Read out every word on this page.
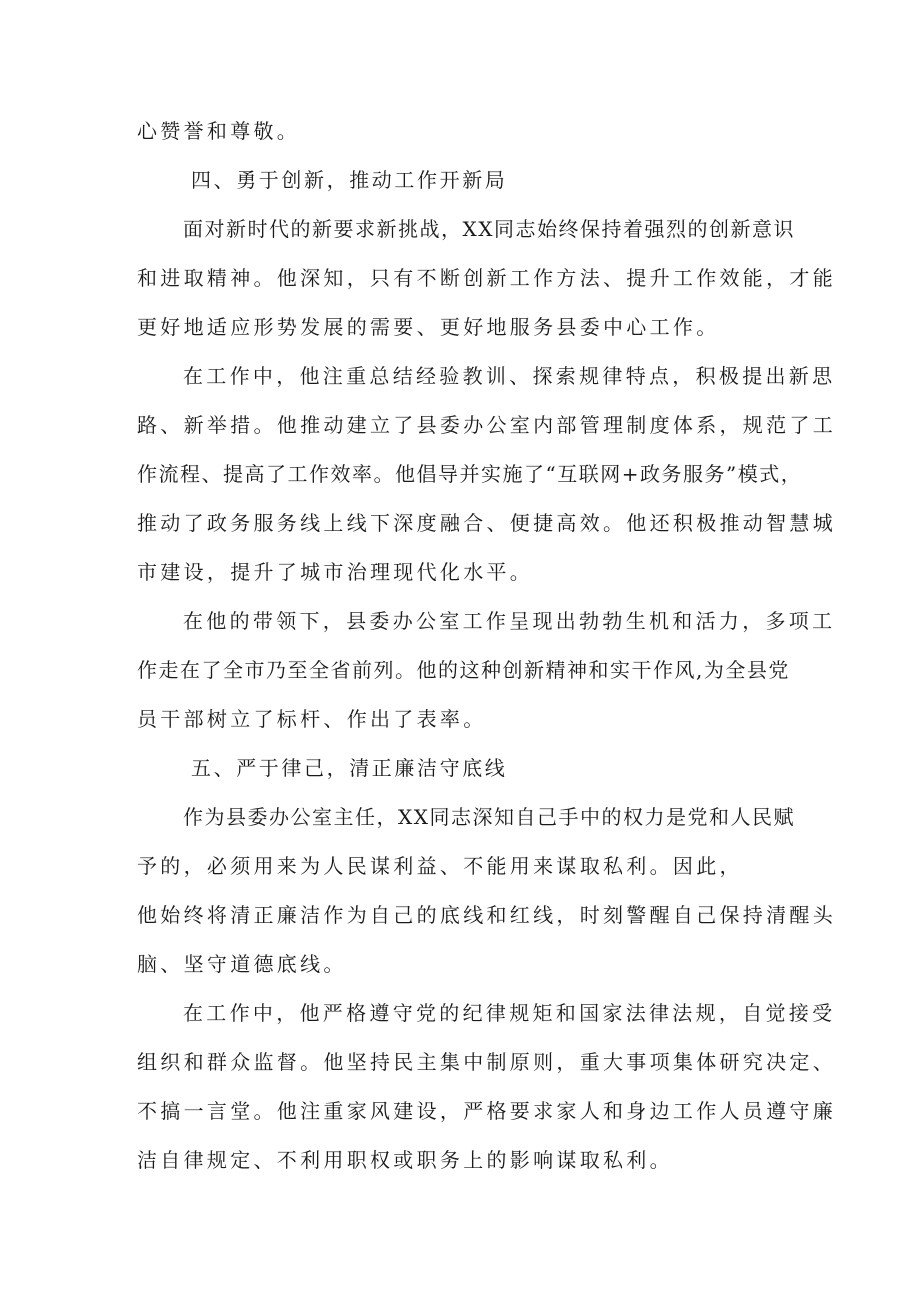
心赞誉和尊敬。
四、勇于创新，推动工作开新局
面对新时代的新要求新挑战，XX同志始终保持着强烈的创新意识
和进取精神。他深知，只有不断创新工作方法、提升工作效能，才能
更好地适应形势发展的需要、更好地服务县委中心工作。
在工作中，他注重总结经验教训、探索规律特点，积极提出新思
路、新举措。他推动建立了县委办公室内部管理制度体系，规范了工
作流程、提高了工作效率。他倡导并实施了“互联网+政务服务”模式，
推动了政务服务线上线下深度融合、便捷高效。他还积极推动智慧城
市建设，提升了城市治理现代化水平。
在他的带领下，县委办公室工作呈现出勃勃生机和活力，多项工
作走在了全市乃至全省前列。他的这种创新精神和实干作风,为全县党
员干部树立了标杆、作出了表率。
五、严于律己，清正廉洁守底线
作为县委办公室主任，XX同志深知自己手中的权力是党和人民赋
予的，必须用来为人民谋利益、不能用来谋取私利。因此，
他始终将清正廉洁作为自己的底线和红线，时刻警醒自己保持清醒头
脑、坚守道德底线。
在工作中，他严格遵守党的纪律规矩和国家法律法规，自觉接受
组织和群众监督。他坚持民主集中制原则，重大事项集体研究决定、
不搞一言堂。他注重家风建设，严格要求家人和身边工作人员遵守廉
洁自律规定、不利用职权或职务上的影响谋取私利。
